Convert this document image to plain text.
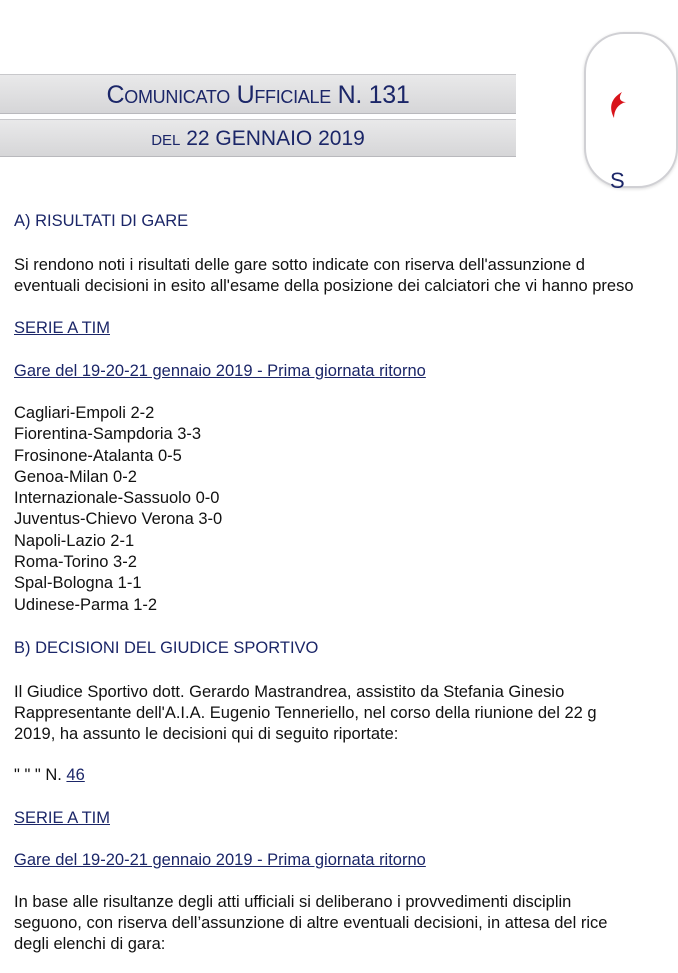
Comunicato Ufficiale N. 131
del 22 GENNAIO 2019
S
A) RISULTATI DI GARE
Si rendono noti i risultati delle gare sotto indicate con riserva dell'assunzione d
eventuali decisioni in esito all'esame della posizione dei calciatori che vi hanno preso
SERIE A TIM
Gare del 19-20-21 gennaio 2019 - Prima giornata ritorno
Cagliari-Empoli 2-2
Fiorentina-Sampdoria 3-3
Frosinone-Atalanta 0-5
Genoa-Milan 0-2
Internazionale-Sassuolo 0-0
Juventus-Chievo Verona 3-0
Napoli-Lazio 2-1
Roma-Torino 3-2
Spal-Bologna 1-1
Udinese-Parma 1-2
B) DECISIONI DEL GIUDICE SPORTIVO
Il Giudice Sportivo dott. Gerardo Mastrandrea, assistito da Stefania Ginesio
Rappresentante dell'A.I.A. Eugenio Tenneriello, nel corso della riunione del 22 g
2019, ha assunto le decisioni qui di seguito riportate:
" " " N. 46
SERIE A TIM
Gare del 19-20-21 gennaio 2019 - Prima giornata ritorno
In base alle risultanze degli atti ufficiali si deliberano i provvedimenti disciplin
seguono, con riserva dell’assunzione di altre eventuali decisioni, in attesa del rice
degli elenchi di gara:
